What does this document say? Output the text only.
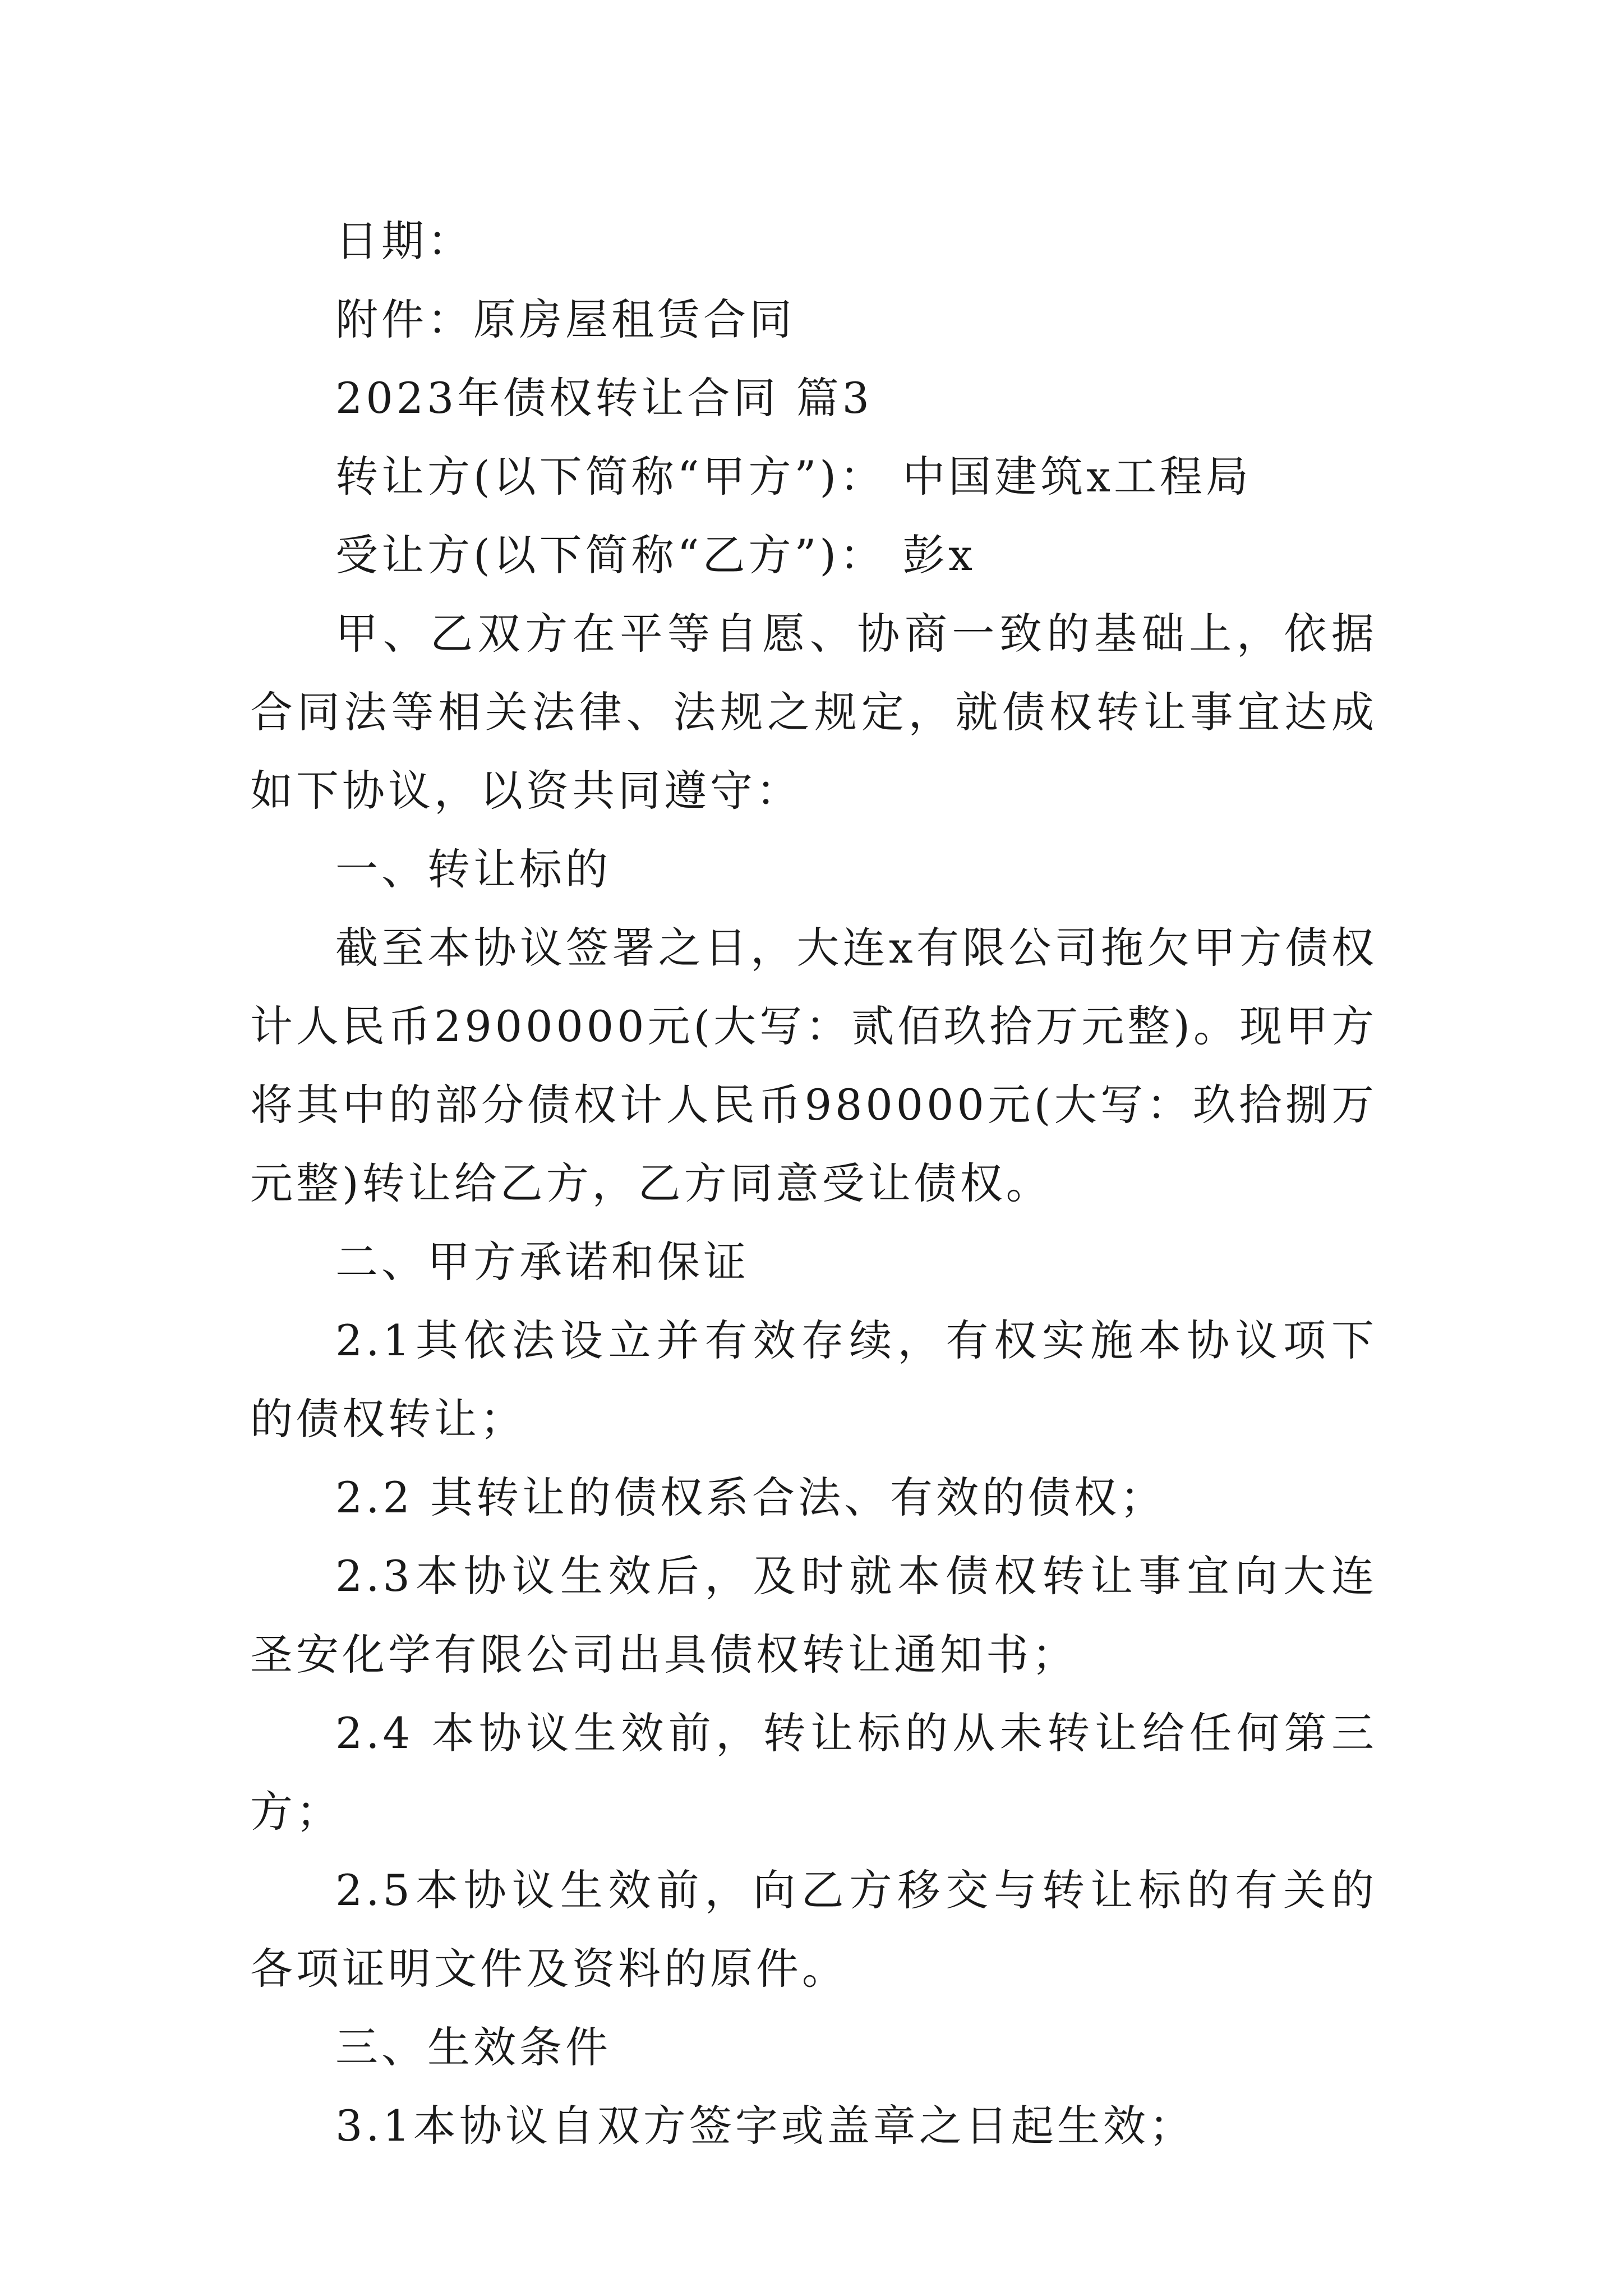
日期：

附件：原房屋租赁合同

2023年债权转让合同 篇3

转让方(以下简称“甲方”)： 中国建筑x工程局

受让方(以下简称“乙方”)： 彭x

甲、乙双方在平等自愿、协商一致的基础上，依据合同法等相关法律、法规之规定，就债权转让事宜达成如下协议，以资共同遵守：

一、转让标的

截至本协议签署之日，大连x有限公司拖欠甲方债权计人民币2900000元(大写：贰佰玖拾万元整)。现甲方将其中的部分债权计人民币980000元(大写：玖拾捌万元整)转让给乙方，乙方同意受让债权。

二、甲方承诺和保证

2.1其依法设立并有效存续，有权实施本协议项下的债权转让；

2.2 其转让的债权系合法、有效的债权；

2.3本协议生效后，及时就本债权转让事宜向大连圣安化学有限公司出具债权转让通知书；

2.4 本协议生效前，转让标的从未转让给任何第三方；

2.5本协议生效前，向乙方移交与转让标的有关的各项证明文件及资料的原件。

三、生效条件

3.1本协议自双方签字或盖章之日起生效；
